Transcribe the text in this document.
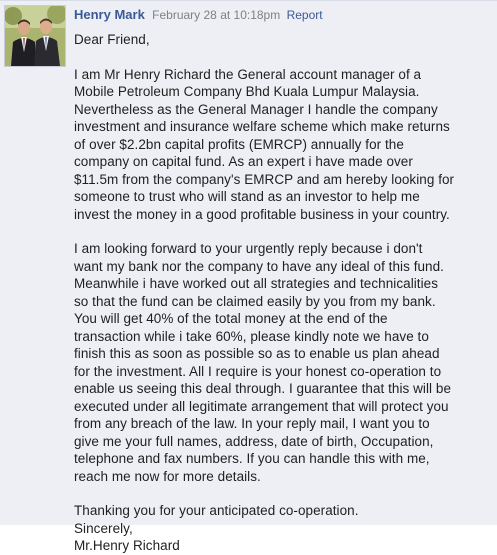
Henry Mark February 28 at 10:18pm Report

Dear Friend,

I am Mr Henry Richard the General account manager of a
Mobile Petroleum Company Bhd Kuala Lumpur Malaysia.
Nevertheless as the General Manager I handle the company
investment and insurance welfare scheme which make returns
of over $2.2bn capital profits (EMRCP) annually for the
company on capital fund. As an expert i have made over
$11.5m from the company's EMRCP and am hereby looking for
someone to trust who will stand as an investor to help me
invest the money in a good profitable business in your country.

I am looking forward to your urgently reply because i don't
want my bank nor the company to have any ideal of this fund.
Meanwhile i have worked out all strategies and technicalities
so that the fund can be claimed easily by you from my bank.
You will get 40% of the total money at the end of the
transaction while i take 60%, please kindly note we have to
finish this as soon as possible so as to enable us plan ahead
for the investment. All I require is your honest co-operation to
enable us seeing this deal through. I guarantee that this will be
executed under all legitimate arrangement that will protect you
from any breach of the law. In your reply mail, I want you to
give me your full names, address, date of birth, Occupation,
telephone and fax numbers. If you can handle this with me,
reach me now for more details.

Thanking you for your anticipated co-operation.
Sincerely,
Mr.Henry Richard
